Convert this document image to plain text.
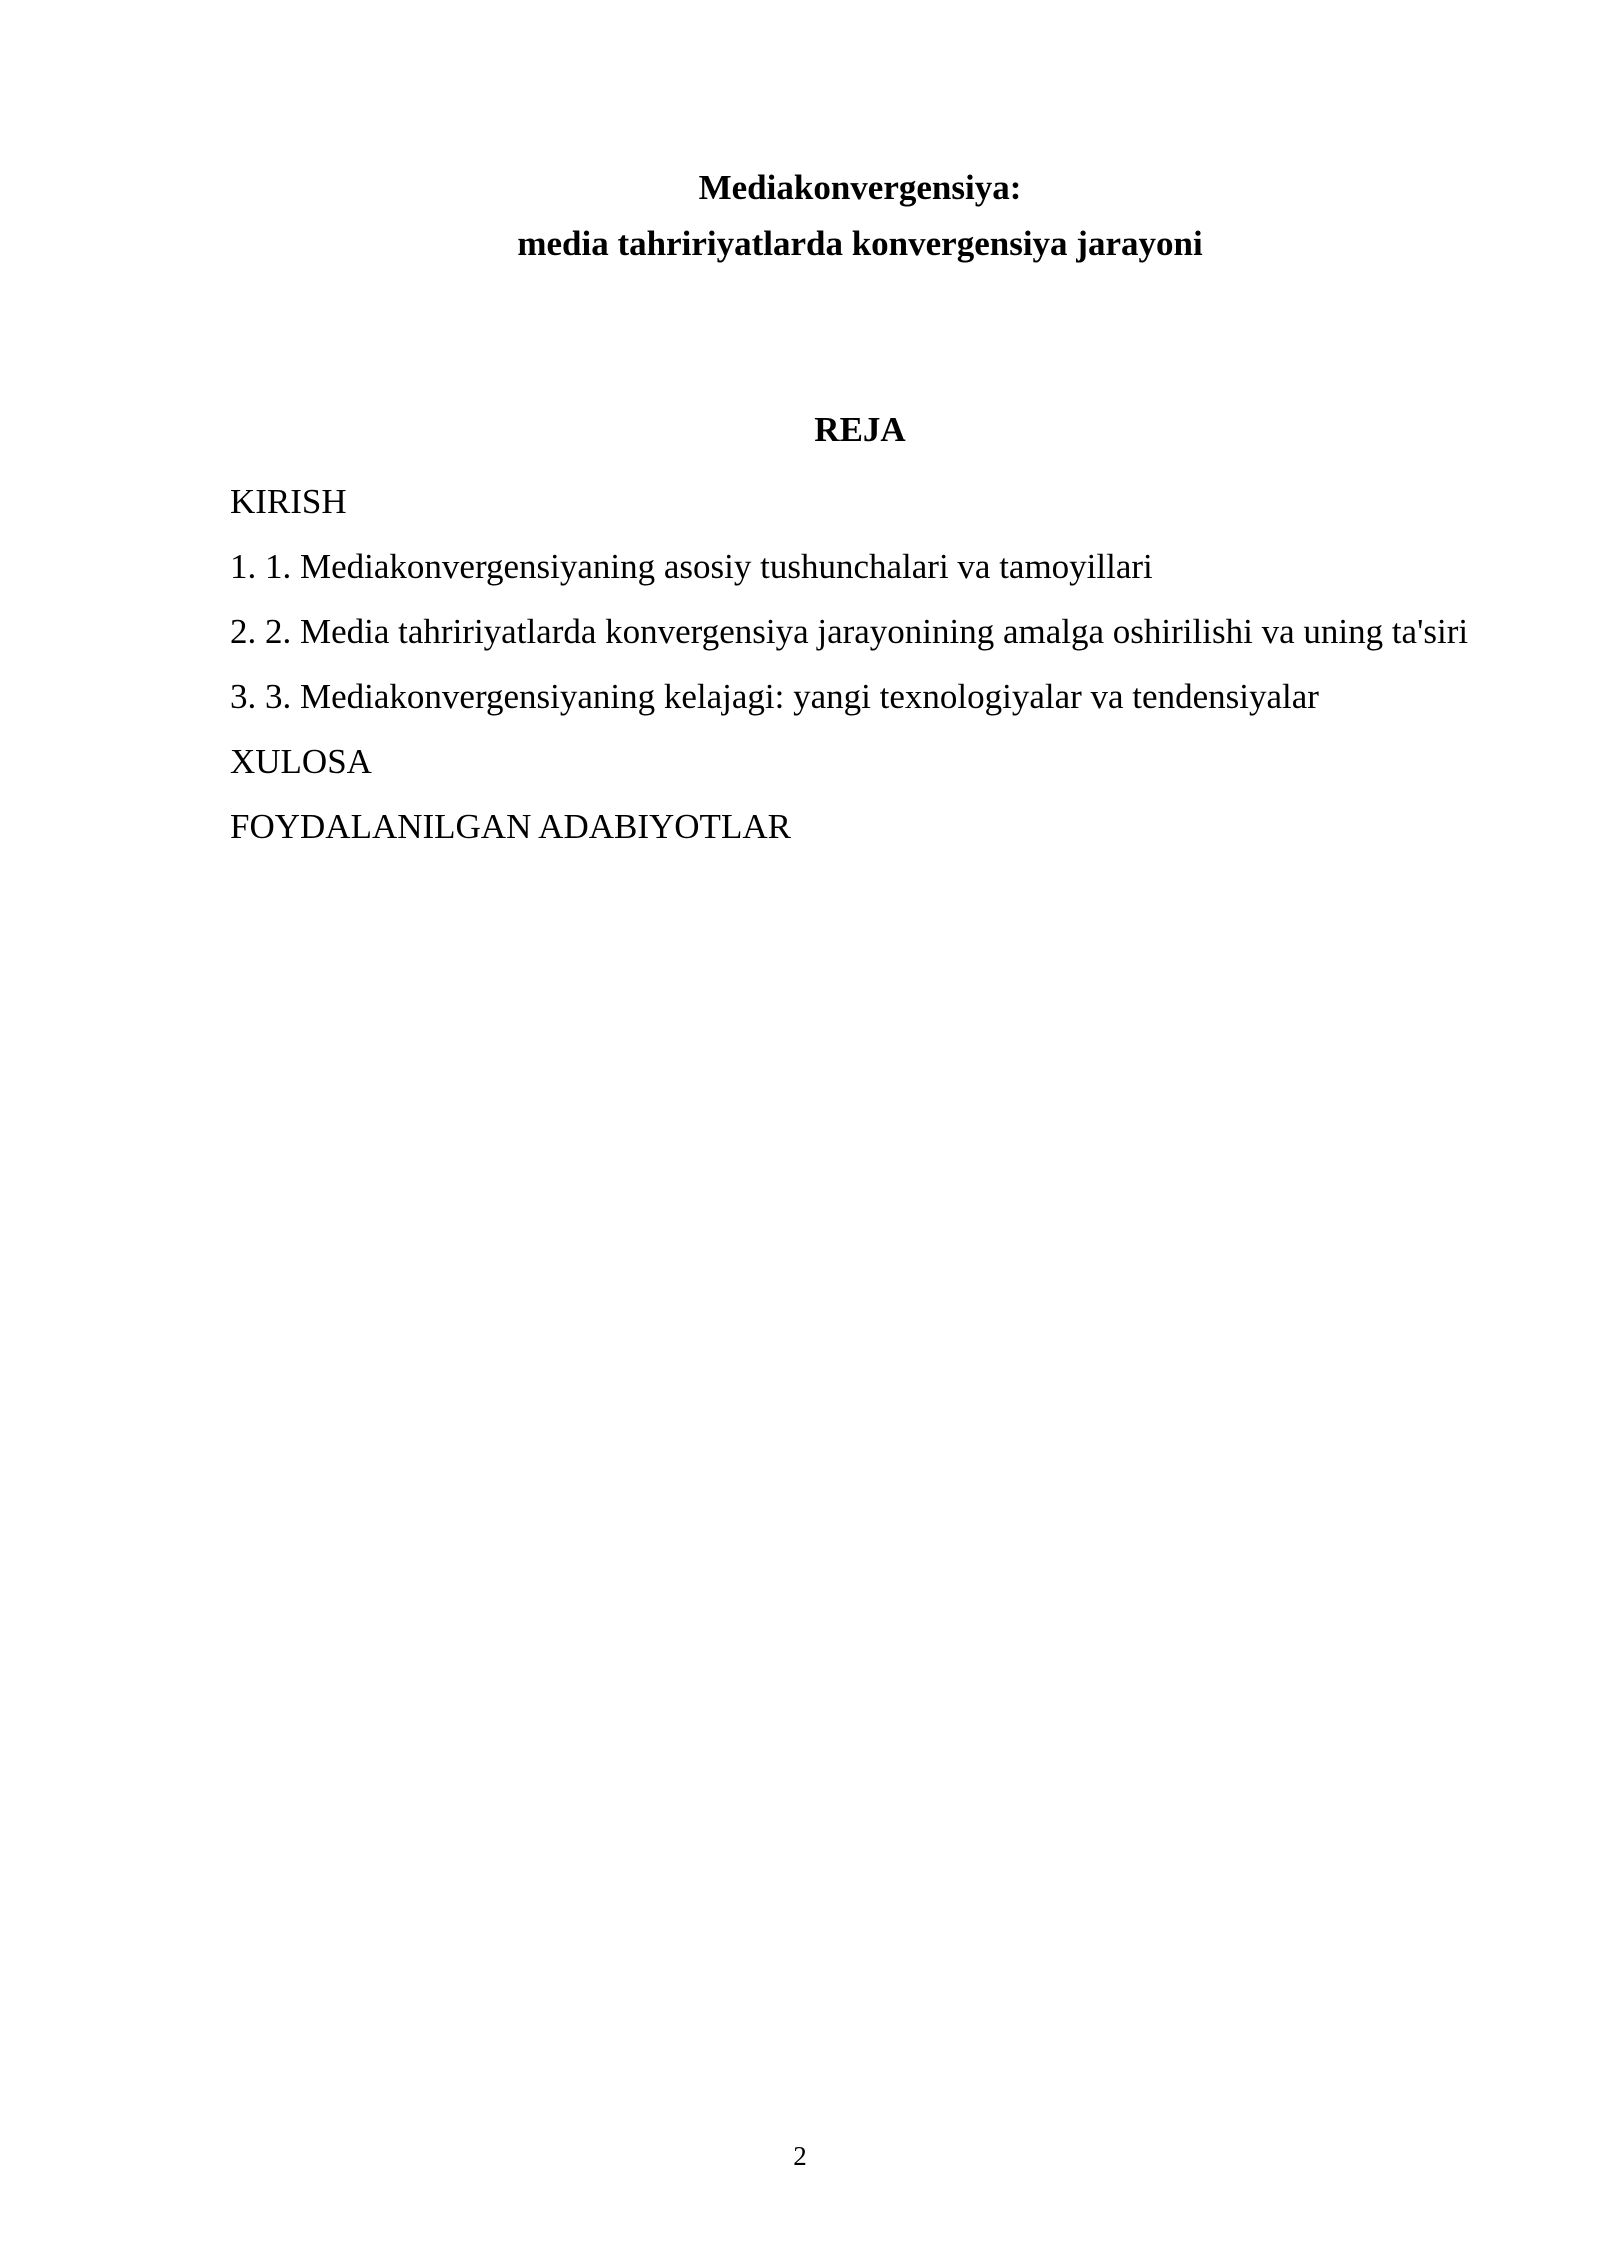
Mediakonvergensiya:
media tahririyatlarda konvergensiya jarayoni
REJA
KIRISH
1. 1. Mediakonvergensiyaning asosiy tushunchalari va tamoyillari
2. 2. Media tahririyatlarda konvergensiya jarayonining amalga oshirilishi va uning ta'siri
3. 3. Mediakonvergensiyaning kelajagi: yangi texnologiyalar va tendensiyalar
XULOSA
FOYDALANILGAN ADABIYOTLAR
2
